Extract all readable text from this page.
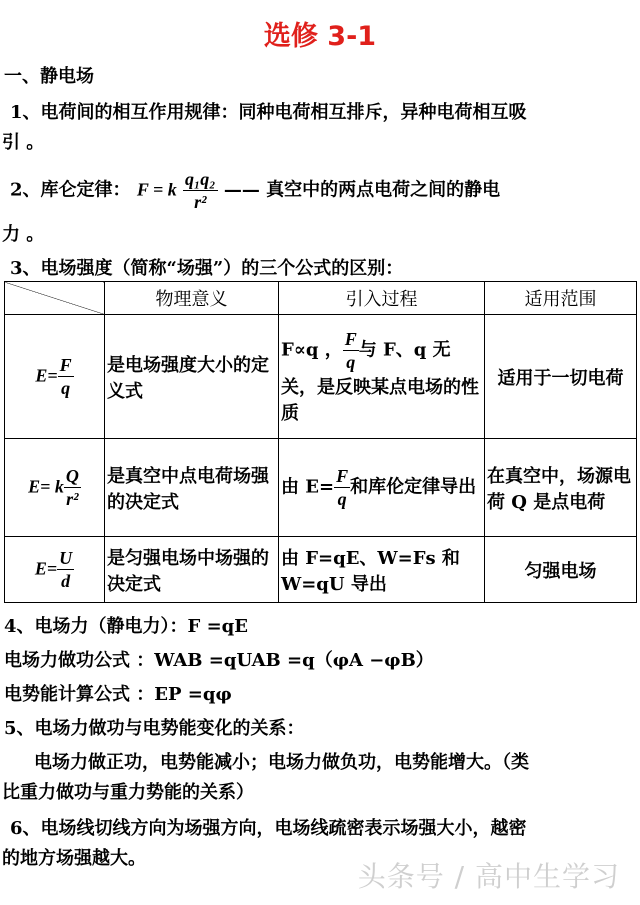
选修 3-1
一、静电场
1、电荷间的相互作用规律：同种电荷相互排斥，异种电荷相互吸
引 。
2、库仑定律： F = k $\frac{\text{q₁q₂}}{\text{r²}}$ —— 真空中的两点电荷之间的静电
力 。
3、电场强度（简称“场强”）的三个公式的区别：
	物理意义	引入过程	适用范围
$E= \frac{F}{q}$	是电场强度大小的定义式	F∝q ， $\frac{F}{q}$ 与 F、q 无关，是反映某点电场的性质	适用于一切电荷
E= k $\frac{Q}{\text{r²}}$	是真空中点电荷场强的决定式	由 $E= \frac{F}{q}$ 和库伦定律导出	在真空中，场源电荷 Q 是点电荷
$E= \frac{U}{d}$	是匀强电场中场强的决定式	由 F=qE、W=Fs 和 W=qU 导出	匀强电场
4、电场力（静电力）：F =qE
电场力做功公式 ：WAB =qUAB =q（φA −φB）
电势能计算公式 ：EP =qφ
5、电场力做功与电势能变化的关系：
电场力做正功，电势能减小；电场力做负功，电势能增大。（类
比重力做功与重力势能的关系）
6、电场线切线方向为场强方向，电场线疏密表示场强大小，越密
的地方场强越大。
头条号 / 高中生学习
